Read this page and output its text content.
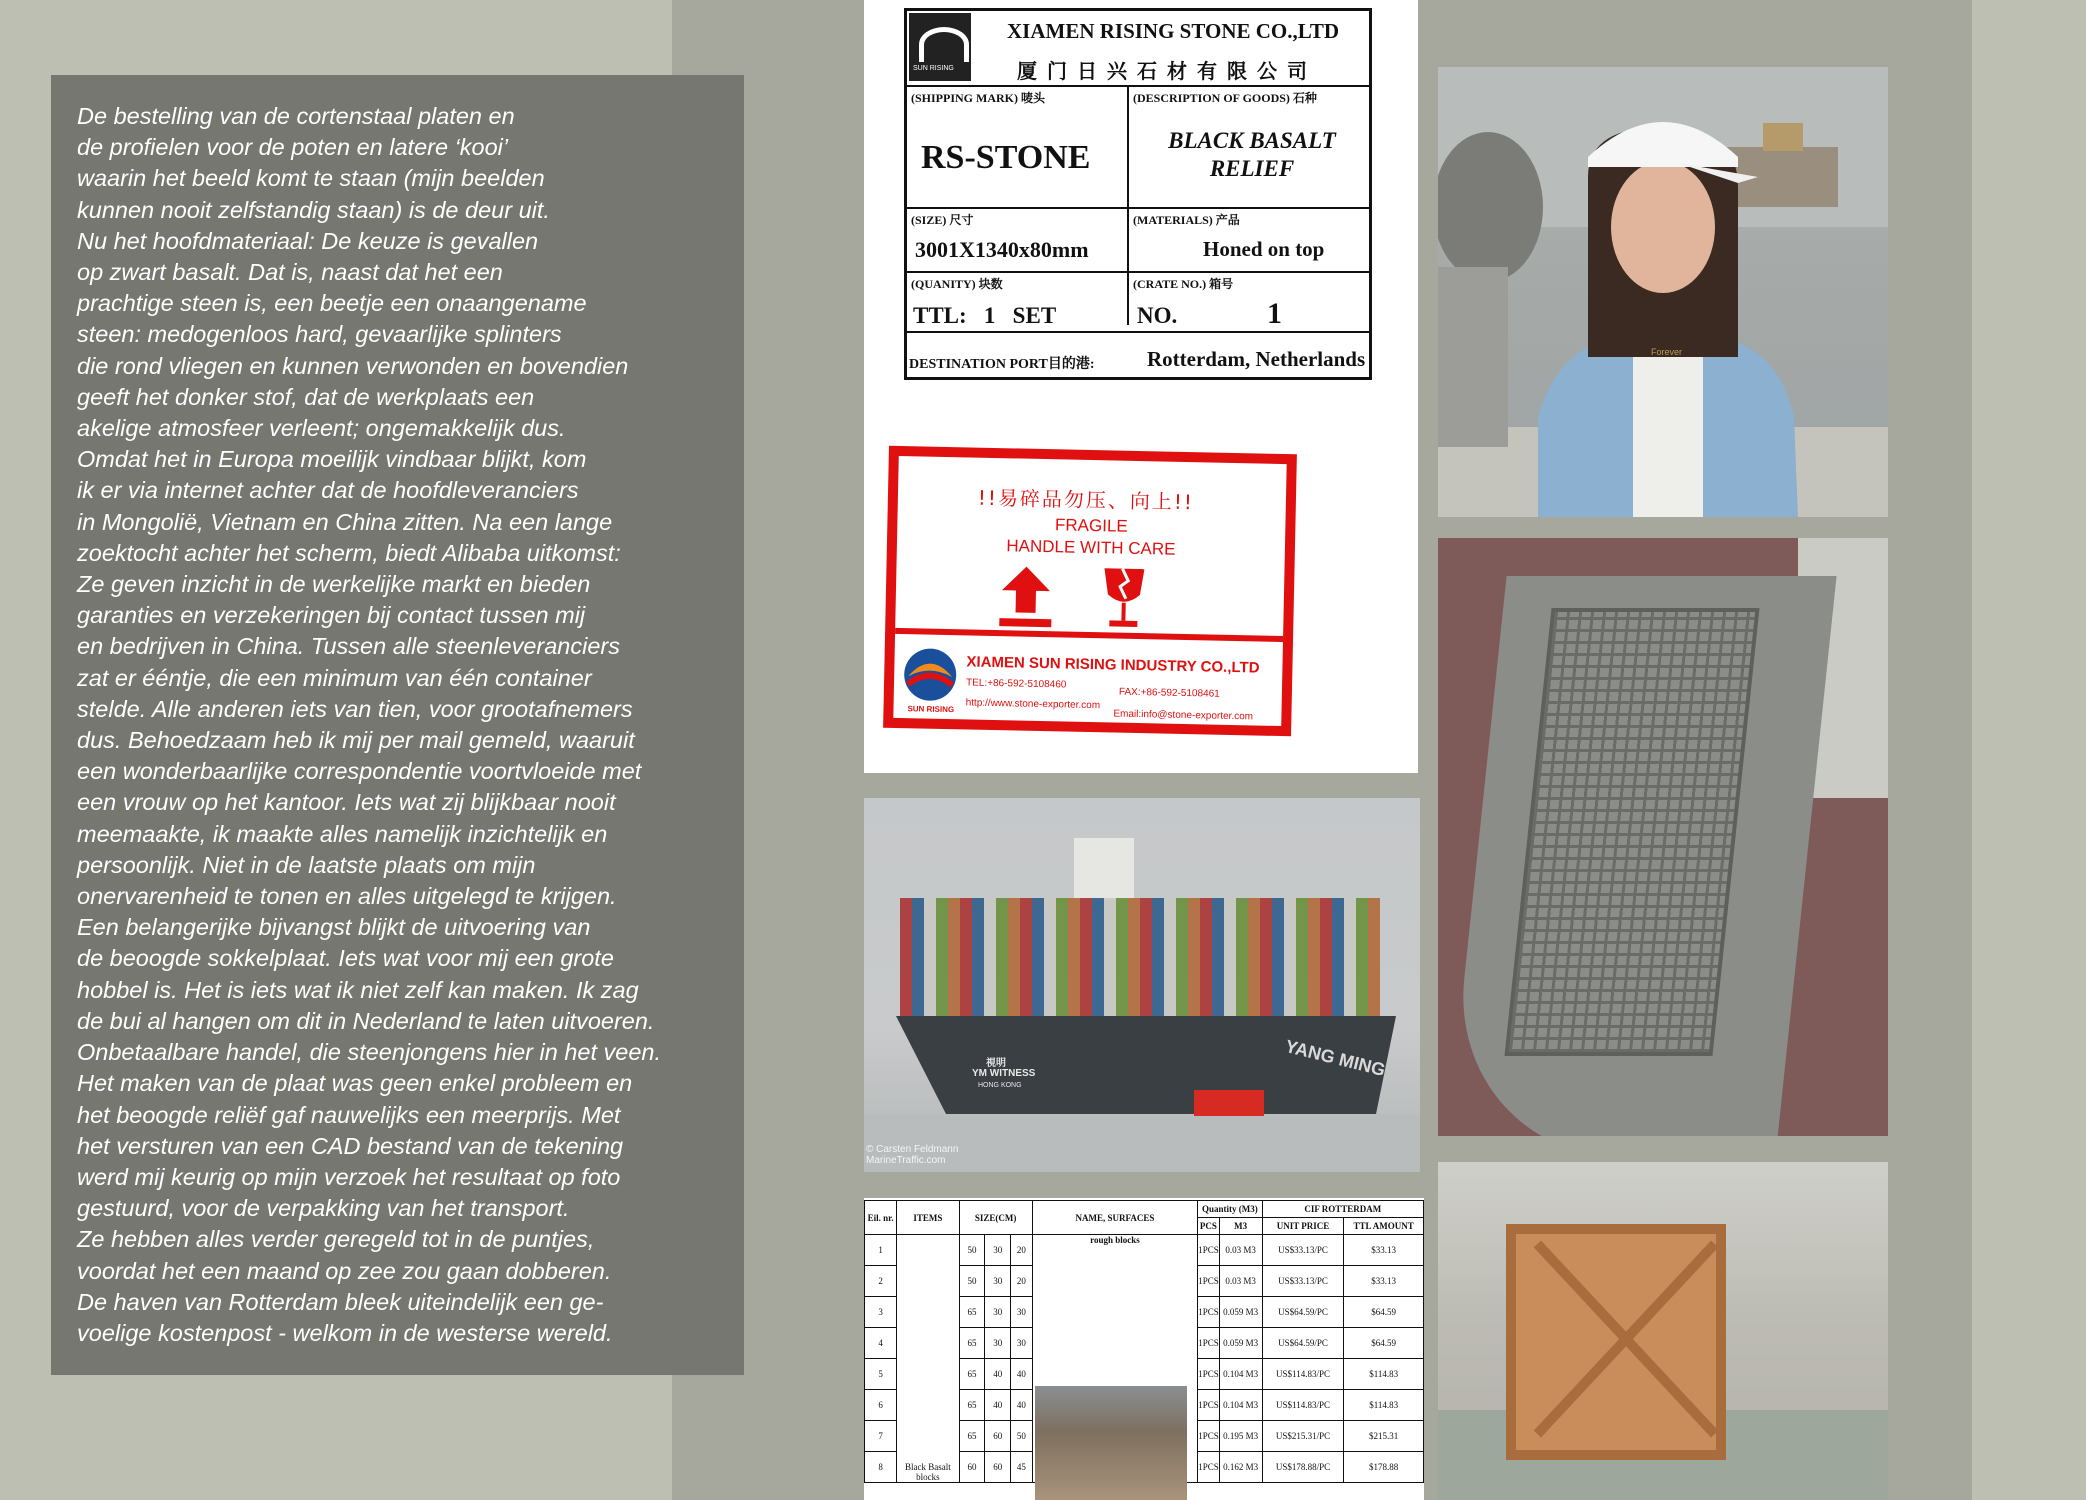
De bestelling van de cortenstaal platen en
de profielen voor de poten en latere ‘kooi’
waarin het beeld komt te staan (mijn beelden
kunnen nooit zelfstandig staan) is de deur uit.
Nu het hoofdmateriaal: De keuze is gevallen
op zwart basalt. Dat is, naast dat het een
prachtige steen is, een beetje een onaangename
steen: medogenloos hard, gevaarlijke splinters
die rond vliegen en kunnen verwonden en bovendien
geeft het donker stof, dat de werkplaats een
akelige atmosfeer verleent; ongemakkelijk dus.
Omdat het in Europa moeilijk vindbaar blijkt, kom
ik er via internet achter dat de hoofdleveranciers
in Mongolië, Vietnam en China zitten. Na een lange
zoektocht achter het scherm, biedt Alibaba uitkomst:
Ze geven inzicht in de werkelijke markt en bieden
garanties en verzekeringen bij contact tussen mij
en bedrijven in China. Tussen alle steenleveranciers
zat er ééntje, die een minimum van één container
stelde. Alle anderen iets van tien, voor grootafnemers
dus. Behoedzaam heb ik mij per mail gemeld, waaruit
een wonderbaarlijke correspondentie voortvloeide met
een vrouw op het kantoor. Iets wat zij blijkbaar nooit
meemaakte, ik maakte alles namelijk inzichtelijk en
persoonlijk. Niet in de laatste plaats om mijn
onervarenheid te tonen en alles uitgelegd te krijgen.
Een belangerijke bijvangst blijkt de uitvoering van
de beoogde sokkelplaat. Iets wat voor mij een grote
hobbel is. Het is iets wat ik niet zelf kan maken. Ik zag
de bui al hangen om dit in Nederland te laten uitvoeren.
Onbetaalbare handel, die steenjongens hier in het veen.
Het maken van de plaat was geen enkel probleem en
het beoogde reliëf gaf nauwelijks een meerprijs. Met
het versturen van een CAD bestand van de tekening
werd mij keurig op mijn verzoek het resultaat op foto
gestuurd, voor de verpakking van het transport.
Ze hebben alles verder geregeld tot in de puntjes,
voordat het een maand op zee zou gaan dobberen.
De haven van Rotterdam bleek uiteindelijk een ge-
voelige kostenpost - welkom in de westerse wereld.

SUN RISING
XIAMEN RISING STONE CO.,LTD
厦门日兴石材有限公司
(SHIPPING MARK) 唛头	(DESCRIPTION OF GOODS) 石种
RS-STONE	BLACK BASALT RELIEF
(SIZE) 尺寸	(MATERIALS) 产品
3001X1340x80mm	Honed on top
(QUANITY) 块数	(CRATE NO.) 箱号
TTL:   1   SET	NO.	1
DESTINATION PORT目的港: Rotterdam, Netherlands
!!易碎品勿压、向上!!
FRAGILE
HANDLE WITH CARE
SUN RISING
XIAMEN SUN RISING INDUSTRY CO.,LTD
TEL:+86-592-5108460
FAX:+86-592-5108461
http://www.stone-exporter.com
Email:info@stone-exporter.com
Forever
YANG MING
視明
YM WITNESS
HONG KONG
© Carsten Feldmann
MarineTraffic.com
Eil. nr.	ITEMS	SIZE(CM)			NAME, SURFACES	Quantity (M3)		CIF ROTTERDAM	
						PCS	M3	UNIT PRICE	TTL AMOUNT
1	Black Basalt blocks	50	30	20	rough blocks	1PCS	0.03 M3	US$33.13/PC	$33.13
2		50	30	20		1PCS	0.03 M3	US$33.13/PC	$33.13
3		65	30	30		1PCS	0.059 M3	US$64.59/PC	$64.59
4		65	30	30		1PCS	0.059 M3	US$64.59/PC	$64.59
5		65	40	40		1PCS	0.104 M3	US$114.83/PC	$114.83
6		65	40	40		1PCS	0.104 M3	US$114.83/PC	$114.83
7		65	60	50		1PCS	0.195 M3	US$215.31/PC	$215.31
8		60	60	45		1PCS	0.162 M3	US$178.88/PC	$178.88
